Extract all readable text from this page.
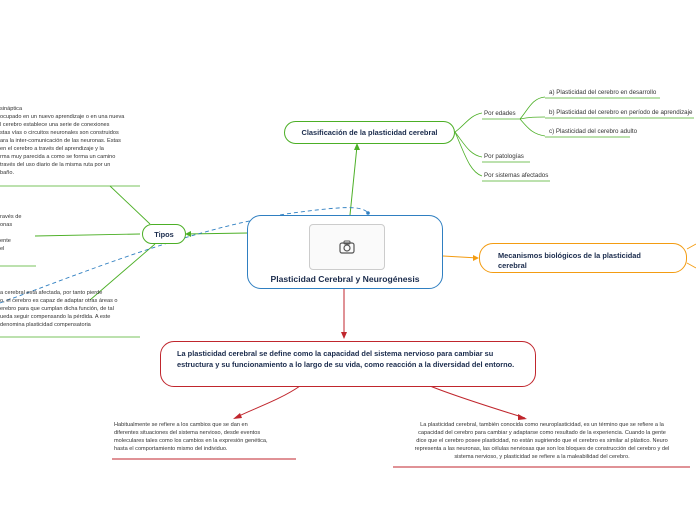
Plasticidad Cerebral y Neurogénesis
Clasificación de la plasticidad cerebral
Por edades
a) Plasticidad del cerebro en desarrollo
b) Plasticidad del cerebro en período de aprendizaje
c) Plasticidad del cerebro adulto
Por patologías
Por sistemas afectados
Mecanismos biológicos de la plasticidad cerebral
Tipos
sináptica
ocupado en un nuevo aprendizaje o en una nueva
l cerebro establece una serie de conexiones
stas vías o circuitos neuronales son construidos
ara la inter-comunicación de las neuronas. Estas
en el cerebro a través del aprendizaje y la
rma muy parecida a como se forma un camino
través del uso diario de la misma ruta por un
baño.
ravés de
onas

ente
el
a cerebral está afectada, por tanto pierde
o, el cerebro es capaz de adaptar otras áreas o
erebro para que cumplan dicha función, de tal
ueda seguir compensando la pérdida. A este
denomina plasticidad compensatoria
La plasticidad cerebral se define como la capacidad del sistema nervioso para cambiar su estructura y su funcionamiento a lo largo de su vida, como reacción a la diversidad del entorno.
Habitualmente se refiere a los cambios que se dan en
diferentes situaciones del sistema nervioso, desde eventos
moleculares tales como los cambios en la expresión genética,
hasta el comportamiento mismo del individuo.
La plasticidad cerebral, también conocida como neuroplasticidad, es un término que se refiere a la
capacidad del cerebro para cambiar y adaptarse como resultado de la experiencia. Cuando la gente
dice que el cerebro posee plasticidad, no están sugiriendo que el cerebro es similar al plástico. Neuro
representa a las neuronas, las células nerviosas que son los bloques de construcción del cerebro y del
sistema nervioso, y plasticidad se refiere a la maleabilidad del cerebro.
